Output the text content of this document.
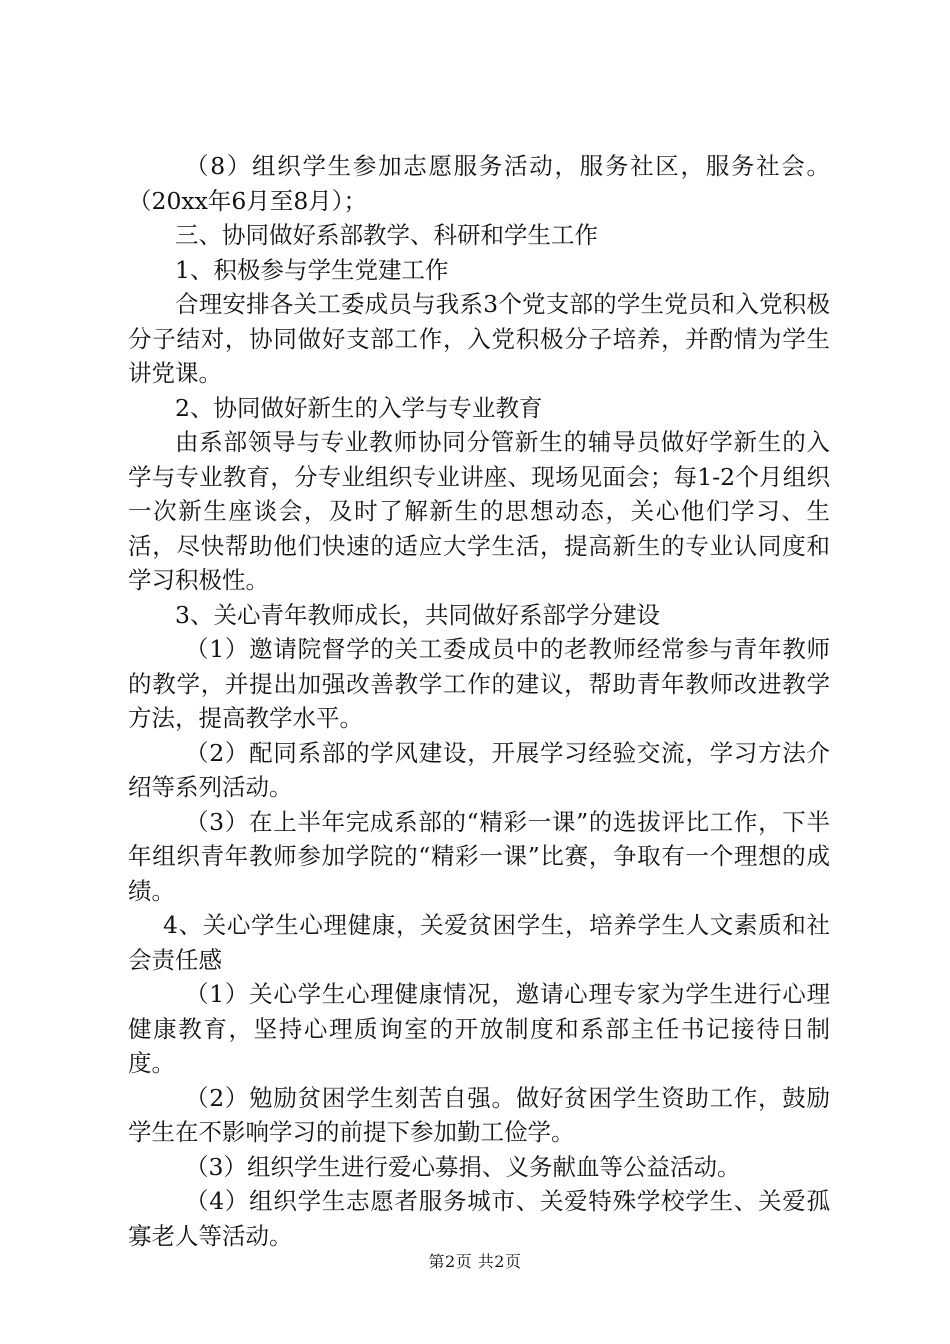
（8）组织学生参加志愿服务活动，服务社区，服务社会。（20xx年6月至8月）；

三、协同做好系部教学、科研和学生工作

1、积极参与学生党建工作

合理安排各关工委成员与我系3个党支部的学生党员和入党积极分子结对，协同做好支部工作，入党积极分子培养，并酌情为学生讲党课。

2、协同做好新生的入学与专业教育

由系部领导与专业教师协同分管新生的辅导员做好学新生的入学与专业教育，分专业组织专业讲座、现场见面会；每1-2个月组织一次新生座谈会，及时了解新生的思想动态，关心他们学习、生活，尽快帮助他们快速的适应大学生活，提高新生的专业认同度和学习积极性。

3、关心青年教师成长，共同做好系部学分建设

（1）邀请院督学的关工委成员中的老教师经常参与青年教师的教学，并提出加强改善教学工作的建议，帮助青年教师改进教学方法，提高教学水平。

（2）配同系部的学风建设，开展学习经验交流，学习方法介绍等系列活动。

（3）在上半年完成系部的“精彩一课”的选拔评比工作，下半年组织青年教师参加学院的“精彩一课”比赛，争取有一个理想的成绩。

4、关心学生心理健康，关爱贫困学生，培养学生人文素质和社会责任感

（1）关心学生心理健康情况，邀请心理专家为学生进行心理健康教育，坚持心理质询室的开放制度和系部主任书记接待日制度。

（2）勉励贫困学生刻苦自强。做好贫困学生资助工作，鼓励学生在不影响学习的前提下参加勤工俭学。

（3）组织学生进行爱心募捐、义务献血等公益活动。

（4）组织学生志愿者服务城市、关爱特殊学校学生、关爱孤寡老人等活动。

第2页 共2页
